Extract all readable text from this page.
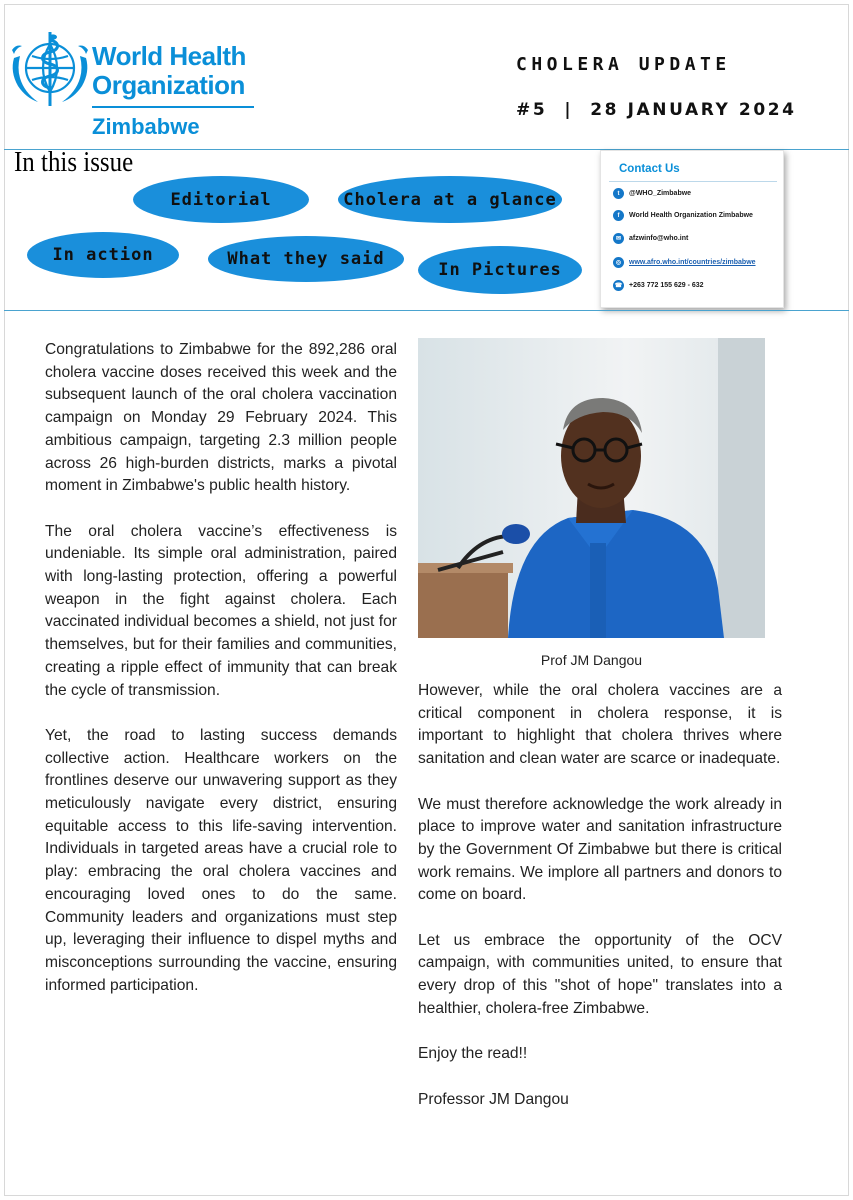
World Health
Organization
Zimbabwe
CHOLERA UPDATE
#5 | 28 JANUARY 2024
In this issue
Editorial	Cholera at a glance
In action	What they said
In Pictures
Contact Us
t	@WHO_Zimbabwe
f	World Health Organization Zimbabwe
✉	afzwinfo@who.int
◎	www.afro.who.int/countries/zimbabwe
☎ +263 772 155 629 - 632

Congratulations to Zimbabwe for the 892,286 oral cholera vaccine doses received this week and the subsequent launch of the oral cholera vaccination campaign on Monday 29 February 2024. This ambitious campaign, targeting 2.3 million people across 26 high-burden districts, marks a pivotal moment in Zimbabwe's public health history.

The oral cholera vaccine’s effectiveness is undeniable. Its simple oral administration, paired with long-lasting protection, offering a powerful weapon in the fight against cholera. Each vaccinated individual becomes a shield, not just for themselves, but for their families and communities, creating a ripple effect of immunity that can break the cycle of transmission.

Yet, the road to lasting success demands collective action. Healthcare workers on the frontlines deserve our unwavering support as they meticulously navigate every district, ensuring equitable access to this life-saving intervention. Individuals in targeted areas have a crucial role to play: embracing the oral cholera vaccines and encouraging loved ones to do the same. Community leaders and organizations must step up, leveraging their influence to dispel myths and misconceptions surrounding the vaccine, ensuring informed participation.

Prof JM Dangou

However, while the oral cholera vaccines are a critical component in cholera response, it is important to highlight that cholera thrives where sanitation and clean water are scarce or inadequate.

We must therefore acknowledge the work already in place to improve water and sanitation infrastructure by the Government Of Zimbabwe but there is critical work remains. We implore all partners and donors to come on board.

Let us embrace the opportunity of the OCV campaign, with communities united, to ensure that every drop of this "shot of hope" translates into a healthier, cholera-free Zimbabwe.

Enjoy the read!!

Professor JM Dangou
